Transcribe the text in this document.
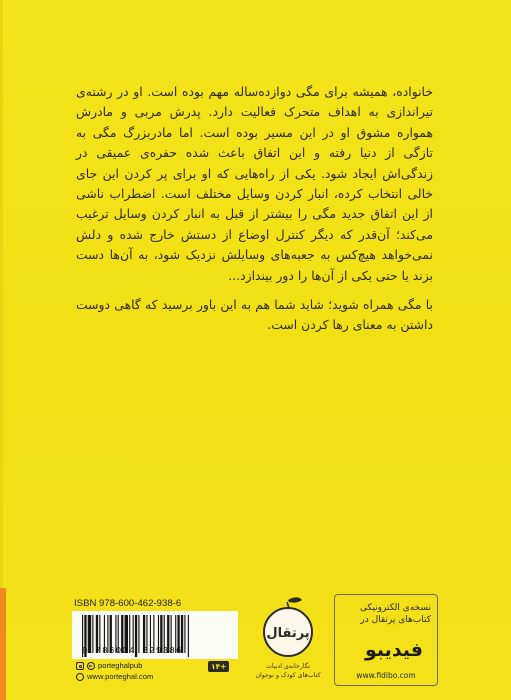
خانواده، همیشه برای مگی دوازده‌ساله مهم بوده است. او در رشته‌ی تیراندازی به اهداف متحرک فعالیت دارد. پدرش مربی و مادرش همواره مشوق او در این مسیر بوده است. اما مادربزرگ مگی به تازگی از دنیا رفته و این اتفاق باعث شده حفره‌ی عمیقی در زندگی‌اش ایجاد شود. یکی از راه‌هایی که او برای پر کردن این جای خالی انتخاب کرده، انبار کردن وسایل مختلف است. اضطراب ناشی از این اتفاق جدید مگی را بیشتر از قبل به انبار کردن وسایل ترغیب می‌کند؛ آن‌قدر که دیگر کنترل اوضاع از دستش خارج شده و دلش نمی‌خواهد هیچ‌کس به جعبه‌های وسایلش نزدیک شود، به آن‌ها دست بزند یا حتی یکی از آن‌ها را دور بیندازد...

با مگی همراه شوید؛ شاید شما هم به این باور برسید که گاهی دوست داشتن به معنای رها کردن است.

ISBN 978-600-462-938-6
9 786004 629386
porteghalpub
www.porteghal.com
+۱۴
پرتقال
نگارخانه‌ی ادبیات
کتاب‌های کودک و نوجوان
نسخه‌ی الکترونیکی
کتاب‌های پرتقال در
فیدیبو
www.fidibo.com
